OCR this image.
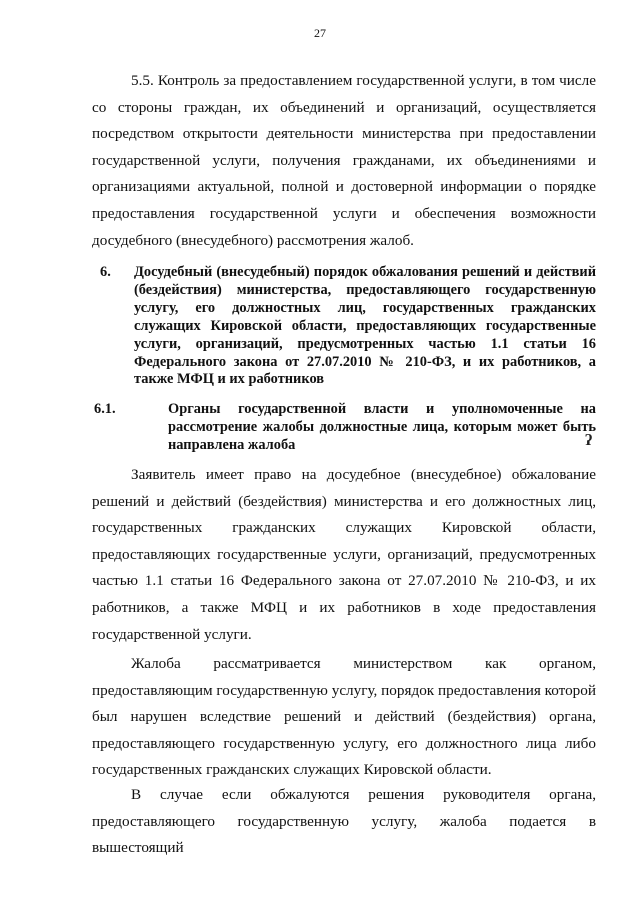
27

5.5. Контроль за предоставлением государственной услуги, в том числе со стороны граждан, их объединений и организаций, осуществляется посредством открытости деятельности министерства при предоставлении государственной услуги, получения гражданами, их объединениями и организациями актуальной, полной и достоверной информации о порядке предоставления государственной услуги и обеспечения возможности досудебного (внесудебного) рассмотрения жалоб.

6. Досудебный (внесудебный) порядок обжалования решений и действий (бездействия) министерства, предоставляющего государственную услугу, его должностных лиц, государственных гражданских служащих Кировской области, предоставляющих государственные услуги, организаций, предусмотренных частью 1.1 статьи 16 Федерального закона от 27.07.2010 № 210-ФЗ, и их работников, а также МФЦ и их работников
6.1.	Органы государственной власти и уполномоченные на рассмотрение жалобы должностные лица, которым может быть направлена жалоба	ʔ

Заявитель имеет право на досудебное (внесудебное) обжалование решений и действий (бездействия) министерства и его должностных лиц, государственных гражданских служащих Кировской области, предоставляющих государственные услуги, организаций, предусмотренных частью 1.1 статьи 16 Федерального закона от 27.07.2010 № 210-ФЗ, и их работников, а также МФЦ и их работников в ходе предоставления государственной услуги.

Жалоба рассматривается министерством как органом, предоставляющим государственную услугу, порядок предоставления которой был нарушен вследствие решений и действий (бездействия) органа, предоставляющего государственную услугу, его должностного лица либо государственных гражданских служащих Кировской области.

В случае если обжалуются решения руководителя органа, предоставляющего государственную услугу, жалоба подается в вышестоящий
